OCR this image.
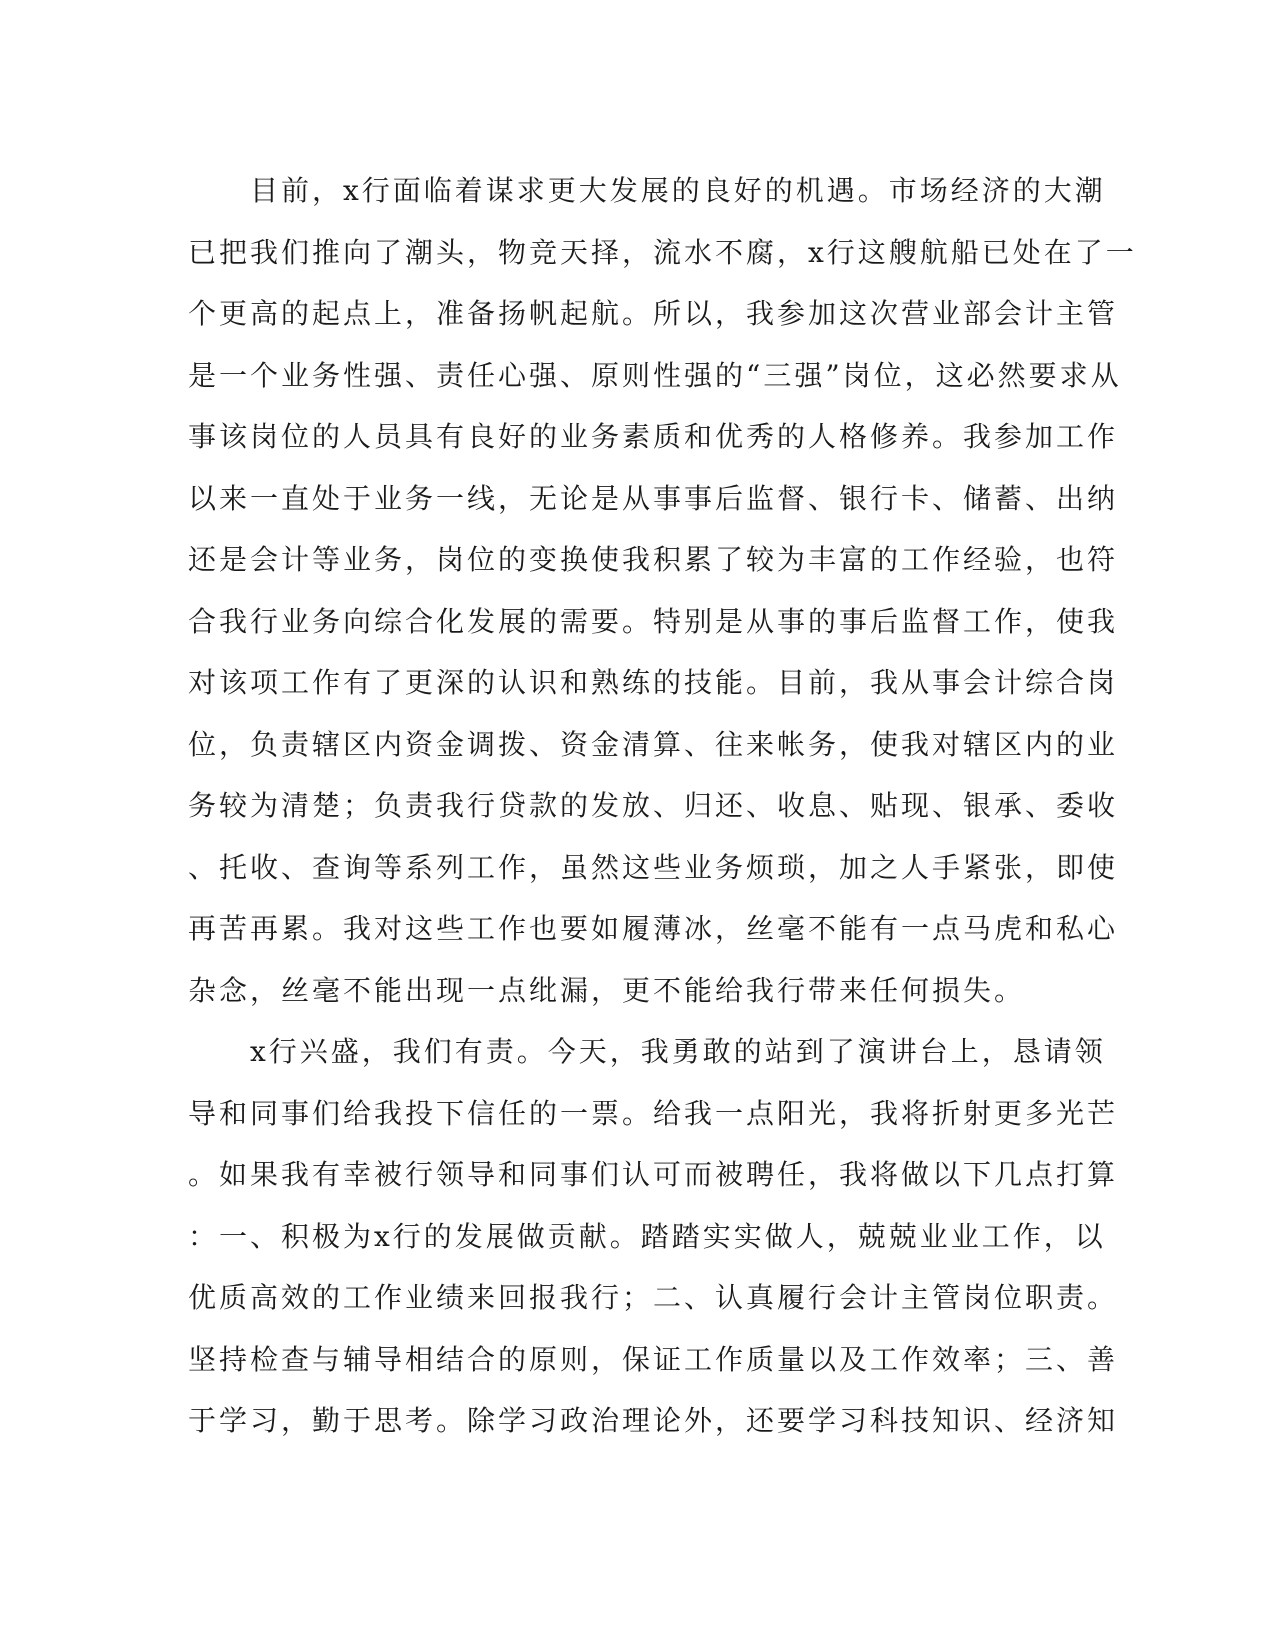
　　目前，x行面临着谋求更大发展的良好的机遇。市场经济的大潮
已把我们推向了潮头，物竞天择，流水不腐，x行这艘航船已处在了一
个更高的起点上，准备扬帆起航。所以，我参加这次营业部会计主管
是一个业务性强、责任心强、原则性强的“三强”岗位，这必然要求从
事该岗位的人员具有良好的业务素质和优秀的人格修养。我参加工作
以来一直处于业务一线，无论是从事事后监督、银行卡、储蓄、出纳
还是会计等业务，岗位的变换使我积累了较为丰富的工作经验，也符
合我行业务向综合化发展的需要。特别是从事的事后监督工作，使我
对该项工作有了更深的认识和熟练的技能。目前，我从事会计综合岗
位，负责辖区内资金调拨、资金清算、往来帐务，使我对辖区内的业
务较为清楚；负责我行贷款的发放、归还、收息、贴现、银承、委收
、托收、查询等系列工作，虽然这些业务烦琐，加之人手紧张，即使
再苦再累。我对这些工作也要如履薄冰，丝毫不能有一点马虎和私心
杂念，丝毫不能出现一点纰漏，更不能给我行带来任何损失。
　　x行兴盛，我们有责。今天，我勇敢的站到了演讲台上，恳请领
导和同事们给我投下信任的一票。给我一点阳光，我将折射更多光芒
。如果我有幸被行领导和同事们认可而被聘任，我将做以下几点打算
：一、积极为x行的发展做贡献。踏踏实实做人，兢兢业业工作，以
优质高效的工作业绩来回报我行；二、认真履行会计主管岗位职责。
坚持检查与辅导相结合的原则，保证工作质量以及工作效率；三、善
于学习，勤于思考。除学习政治理论外，还要学习科技知识、经济知
